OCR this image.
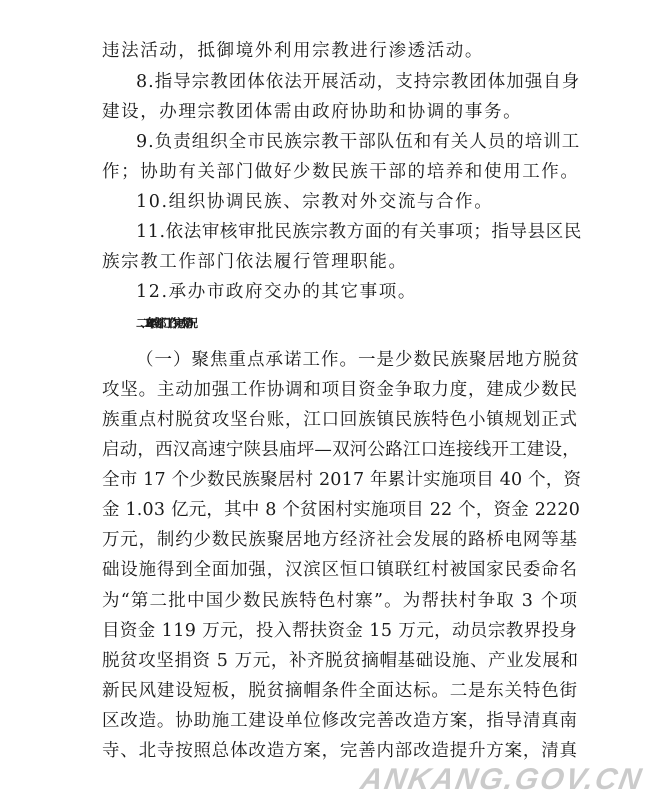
违法活动，抵御境外利用宗教进行渗透活动。
8.指导宗教团体依法开展活动，支持宗教团体加强自身
建设，办理宗教团体需由政府协助和协调的事务。
9.负责组织全市民族宗教干部队伍和有关人员的培训工
作；协助有关部门做好少数民族干部的培养和使用工作。
10.组织协调民族、宗教对外交流与合作。
11.依法审核审批民族宗教方面的有关事项；指导县区民
族宗教工作部门依法履行管理职能。
12.承办市政府交办的其它事项。
二、2017 年度部门工作完成情况
（一）聚焦重点承诺工作。一是少数民族聚居地方脱贫
攻坚。主动加强工作协调和项目资金争取力度，建成少数民
族重点村脱贫攻坚台账，江口回族镇民族特色小镇规划正式
启动，西汉高速宁陕县庙坪—双河公路江口连接线开工建设，
全市 17 个少数民族聚居村 2017 年累计实施项目 40 个，资
金 1.03 亿元，其中 8 个贫困村实施项目 22 个，资金 2220
万元，制约少数民族聚居地方经济社会发展的路桥电网等基
础设施得到全面加强，汉滨区恒口镇联红村被国家民委命名
为“第二批中国少数民族特色村寨”。为帮扶村争取 3 个项
目资金 119 万元，投入帮扶资金 15 万元，动员宗教界投身
脱贫攻坚捐资 5 万元，补齐脱贫摘帽基础设施、产业发展和
新民风建设短板，脱贫摘帽条件全面达标。二是东关特色街
区改造。协助施工建设单位修改完善改造方案，指导清真南
寺、北寺按照总体改造方案，完善内部改造提升方案，清真
ANKANG.GOV.CN
